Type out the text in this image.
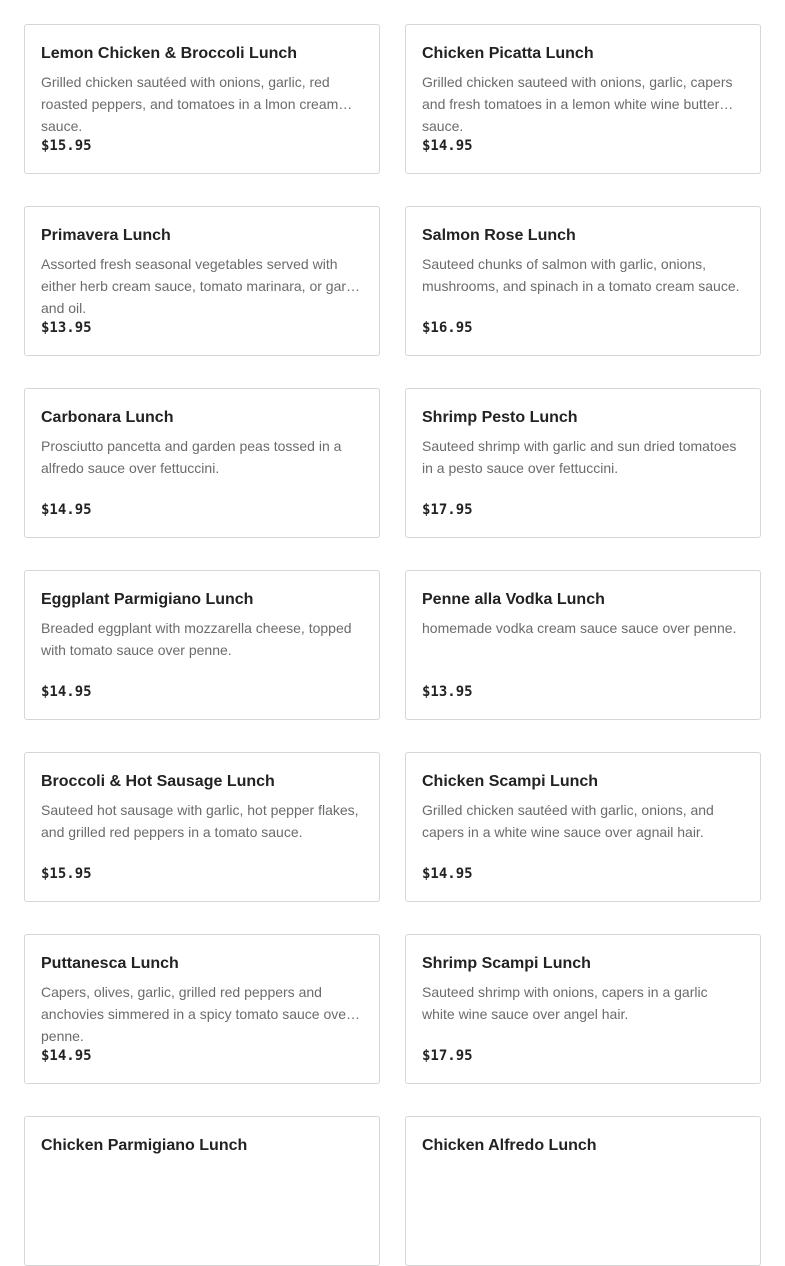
Lemon Chicken & Broccoli Lunch
Grilled chicken sautéed with onions, garlic, red roasted peppers, and tomatoes in a lmon cream sauce.
$15.95
Chicken Picatta Lunch
Grilled chicken sauteed with onions, garlic, capers and fresh tomatoes in a lemon white wine butter sauce.
$14.95
Primavera Lunch
Assorted fresh seasonal vegetables served with either herb cream sauce, tomato marinara, or garlic and oil.
$13.95
Salmon Rose Lunch
Sauteed chunks of salmon with garlic, onions, mushrooms, and spinach in a tomato cream sauce.
$16.95
Carbonara Lunch
Prosciutto pancetta and garden peas tossed in a alfredo sauce over fettuccini.
$14.95
Shrimp Pesto Lunch
Sauteed shrimp with garlic and sun dried tomatoes in a pesto sauce over fettuccini.
$17.95
Eggplant Parmigiano Lunch
Breaded eggplant with mozzarella cheese, topped with tomato sauce over penne.
$14.95
Penne alla Vodka Lunch
homemade vodka cream sauce sauce over penne.
$13.95
Broccoli & Hot Sausage Lunch
Sauteed hot sausage with garlic, hot pepper flakes, and grilled red peppers in a tomato sauce.
$15.95
Chicken Scampi Lunch
Grilled chicken sautéed with garlic, onions, and capers in a white wine sauce over agnail hair.
$14.95
Puttanesca Lunch
Capers, olives, garlic, grilled red peppers and anchovies simmered in a spicy tomato sauce over penne.
$14.95
Shrimp Scampi Lunch
Sauteed shrimp with onions, capers in a garlic white wine sauce over angel hair.
$17.95
Chicken Parmigiano Lunch	Chicken Alfredo Lunch
